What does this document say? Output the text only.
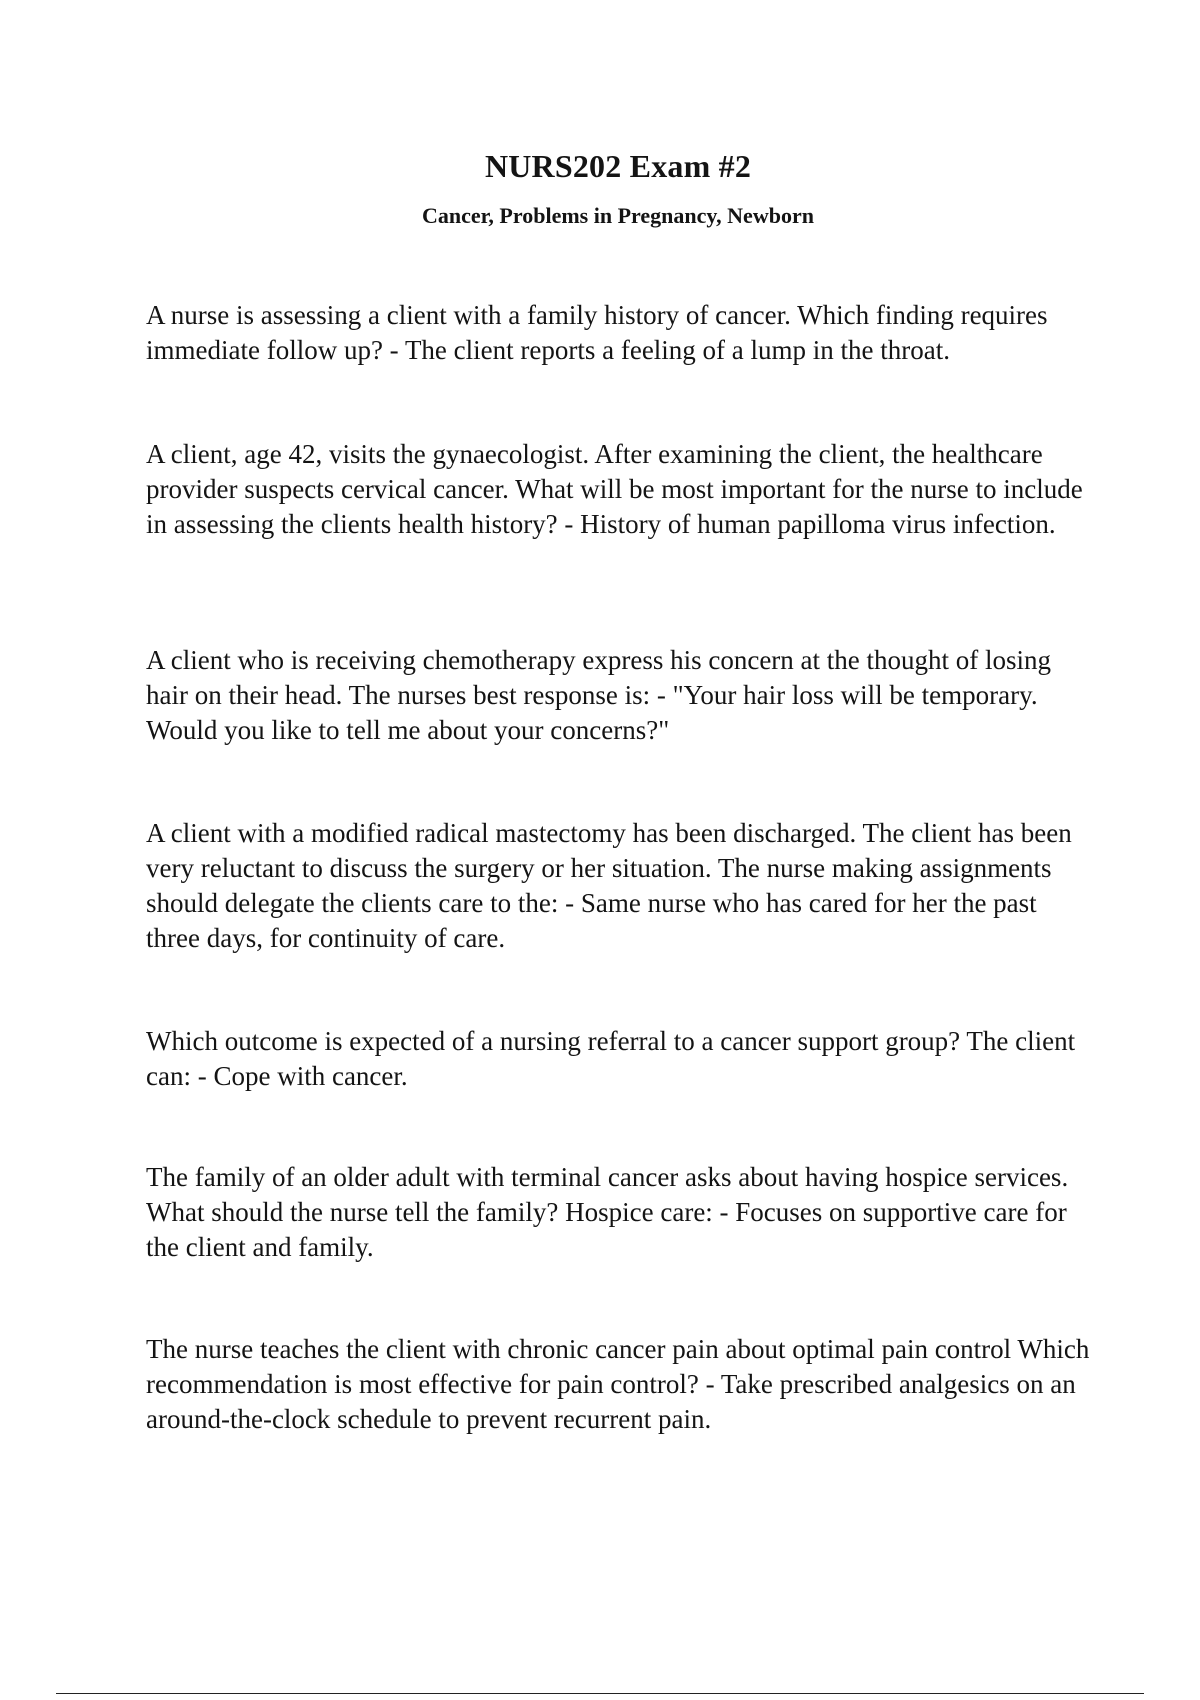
NURS202 Exam #2
Cancer, Problems in Pregnancy, Newborn

A nurse is assessing a client with a family history of cancer. Which finding requires immediate follow up? - The client reports a feeling of a lump in the throat.

A client, age 42, visits the gynaecologist. After examining the client, the healthcare provider suspects cervical cancer. What will be most important for the nurse to include in assessing the clients health history? - History of human papilloma virus infection.

A client who is receiving chemotherapy express his concern at the thought of losing hair on their head. The nurses best response is: - "Your hair loss will be temporary. Would you like to tell me about your concerns?"

A client with a modified radical mastectomy has been discharged. The client has been very reluctant to discuss the surgery or her situation. The nurse making assignments should delegate the clients care to the: - Same nurse who has cared for her the past three days, for continuity of care.

Which outcome is expected of a nursing referral to a cancer support group? The client can: - Cope with cancer.

The family of an older adult with terminal cancer asks about having hospice services. What should the nurse tell the family? Hospice care: - Focuses on supportive care for the client and family.

The nurse teaches the client with chronic cancer pain about optimal pain control Which recommendation is most effective for pain control? - Take prescribed analgesics on an around-the-clock schedule to prevent recurrent pain.
